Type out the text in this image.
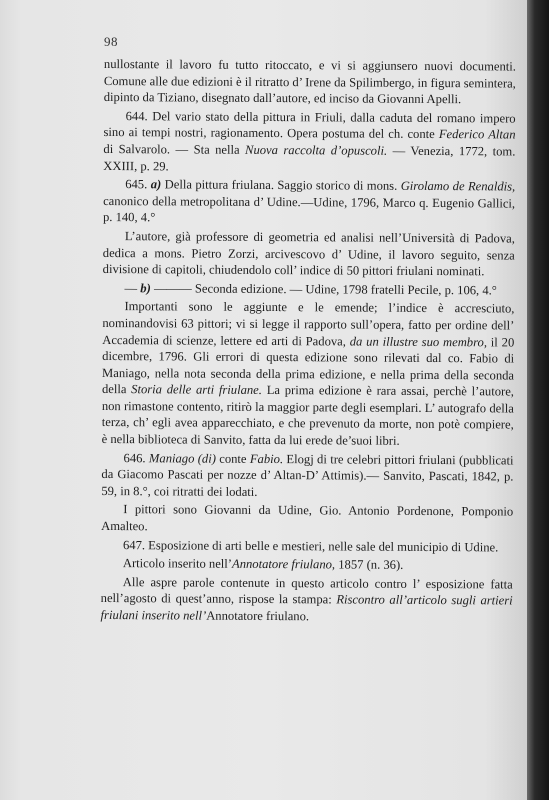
98

nullostante il lavoro fu tutto ritoccato, e vi si aggiunsero nuovi documenti. Comune alle due edizioni è il ritratto d’ Irene da Spilimbergo, in figura semintera, dipinto da Tiziano, disegnato dall’autore, ed inciso da Giovanni Apelli.

644. Del vario stato della pittura in Friuli, dalla caduta del romano impero sino ai tempi nostri, ragionamento. Opera postuma del ch. conte Federico Altan di Salvarolo. — Sta nella Nuova raccolta d’opuscoli. — Venezia, 1772, tom. XXIII, p. 29.

645. a) Della pittura friulana. Saggio storico di mons. Girolamo de Renaldis, canonico della metropolitana d’ Udine.—Udine, 1796, Marco q. Eugenio Gallici, p. 140, 4.°

L’autore, già professore di geometria ed analisi nell’Università di Padova, dedica a mons. Pietro Zorzi, arcivescovo d’ Udine, il lavoro seguito, senza divisione di capitoli, chiudendolo coll’ indice di 50 pittori friulani nominati.

— b) ——— Seconda edizione. — Udine, 1798 fratelli Pecile, p. 106, 4.°

Importanti sono le aggiunte e le emende; l’indice è accresciuto, nominandovisi 63 pittori; vi si legge il rapporto sull’opera, fatto per ordine dell’ Accademia di scienze, lettere ed arti di Padova, da un illustre suo membro, il 20 dicembre, 1796. Gli errori di questa edizione sono rilevati dal co. Fabio di Maniago, nella nota seconda della prima edizione, e nella prima della seconda della Storia delle arti friulane. La prima edizione è rara assai, perchè l’autore, non rimastone contento, ritirò la maggior parte degli esemplari. L’ autografo della terza, ch’ egli avea apparecchiato, e che prevenuto da morte, non potè compiere, è nella biblioteca di Sanvito, fatta da lui erede de’suoi libri.

646. Maniago (di) conte Fabio. Elogj di tre celebri pittori friulani (pubblicati da Giacomo Pascati per nozze d’ Altan-D’ Attimis).— Sanvito, Pascati, 1842, p. 59, in 8.°, coi ritratti dei lodati.

I pittori sono Giovanni da Udine, Gio. Antonio Pordenone, Pomponio Amalteo.

647. Esposizione di arti belle e mestieri, nelle sale del municipio di Udine.

Articolo inserito nell’Annotatore friulano, 1857 (n. 36).

Alle aspre parole contenute in questo articolo contro l’ esposizione fatta nell’agosto di quest’anno, rispose la stampa: Riscontro all’articolo sugli artieri friulani inserito nell’Annotatore friulano.
